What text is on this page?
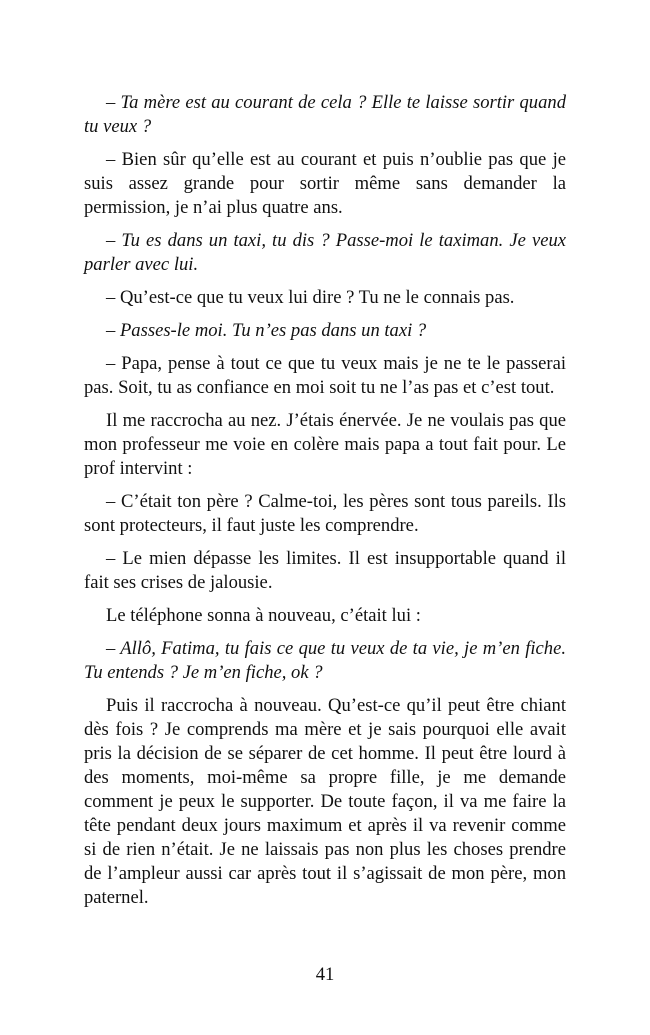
– Ta mère est au courant de cela ? Elle te laisse sortir quand tu veux ?

– Bien sûr qu’elle est au courant et puis n’oublie pas que je suis assez grande pour sortir même sans demander la permission, je n’ai plus quatre ans.

– Tu es dans un taxi, tu dis ? Passe-moi le taximan. Je veux parler avec lui.

– Qu’est-ce que tu veux lui dire ? Tu ne le connais pas.

– Passes-le moi. Tu n’es pas dans un taxi ?

– Papa, pense à tout ce que tu veux mais je ne te le passerai pas. Soit, tu as confiance en moi soit tu ne l’as pas et c’est tout.

Il me raccrocha au nez. J’étais énervée. Je ne voulais pas que mon professeur me voie en colère mais papa a tout fait pour. Le prof intervint :

– C’était ton père ? Calme-toi, les pères sont tous pareils. Ils sont protecteurs, il faut juste les comprendre.

– Le mien dépasse les limites. Il est insupportable quand il fait ses crises de jalousie.

Le téléphone sonna à nouveau, c’était lui :

– Allô, Fatima, tu fais ce que tu veux de ta vie, je m’en fiche. Tu entends ? Je m’en fiche, ok ?

Puis il raccrocha à nouveau. Qu’est-ce qu’il peut être chiant dès fois ? Je comprends ma mère et je sais pourquoi elle avait pris la décision de se séparer de cet homme. Il peut être lourd à des moments, moi-même sa propre fille, je me demande comment je peux le supporter. De toute façon, il va me faire la tête pendant deux jours maximum et après il va revenir comme si de rien n’était. Je ne laissais pas non plus les choses prendre de l’ampleur aussi car après tout il s’agissait de mon père, mon paternel.

41
